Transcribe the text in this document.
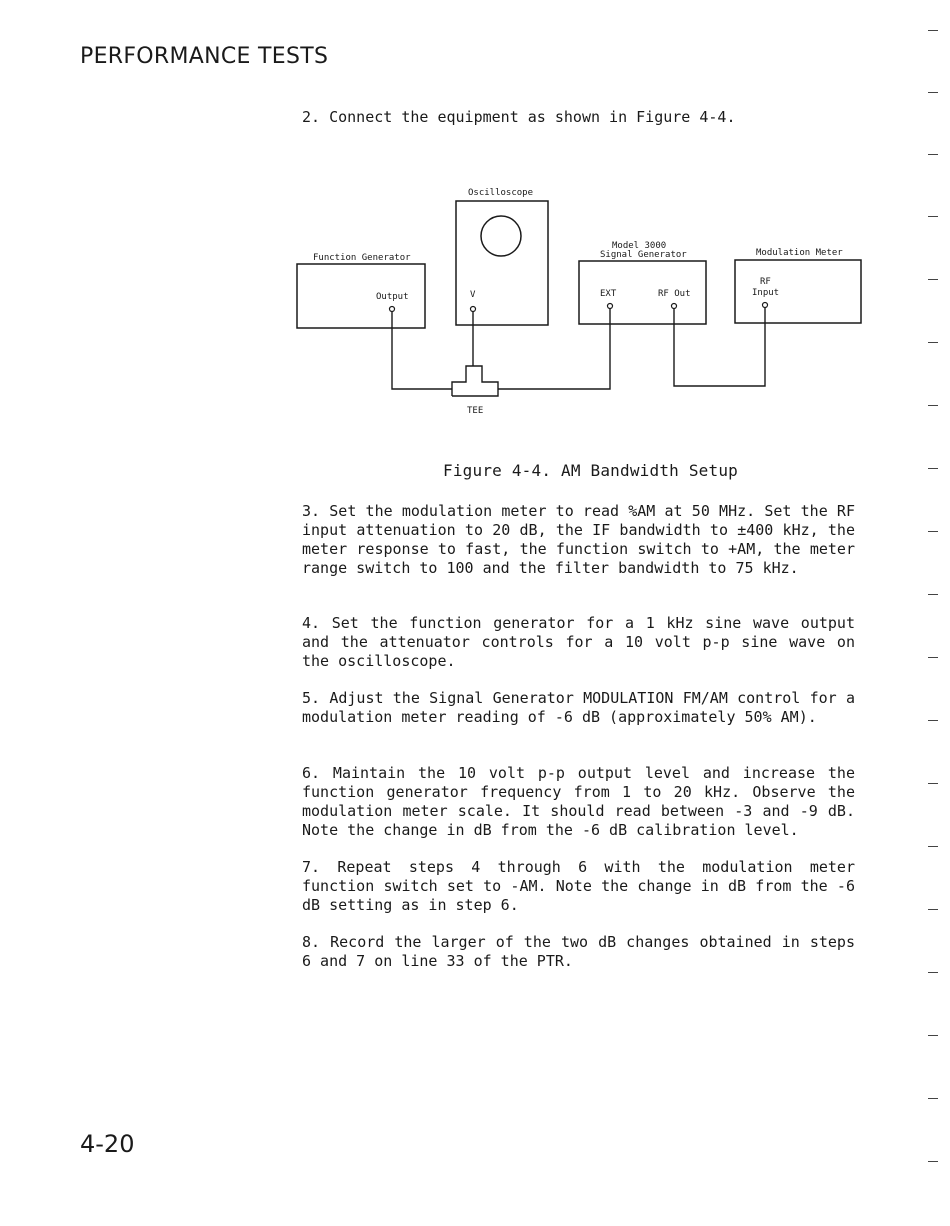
PERFORMANCE TESTS
2. Connect the equipment as shown in Figure 4-4.
Oscilloscope
V
Function Generator
Output
Model 3000
Signal Generator
EXT	RF Out
Modulation Meter
RF
Input
TEE
Figure 4-4. AM Bandwidth Setup
3. Set the modulation meter to read %AM at 50 MHz. Set the RF input attenuation to 20 dB, the IF bandwidth to ±400 kHz, the meter response to fast, the function switch to +AM, the meter range switch to 100 and the filter bandwidth to 75 kHz.
4. Set the function generator for a 1 kHz sine wave output and the attenuator controls for a 10 volt p-p sine wave on the oscilloscope.
5. Adjust the Signal Generator MODULATION FM/AM control for a modulation meter reading of -6 dB (approximately 50% AM).
6. Maintain the 10 volt p-p output level and increase the function generator frequency from 1 to 20 kHz. Observe the modulation meter scale. It should read between -3 and -9 dB. Note the change in dB from the -6 dB calibration level.
7. Repeat steps 4 through 6 with the modulation meter function switch set to -AM. Note the change in dB from the -6 dB setting as in step 6.
8. Record the larger of the two dB changes obtained in steps 6 and 7 on line 33 of the PTR.
4-20
